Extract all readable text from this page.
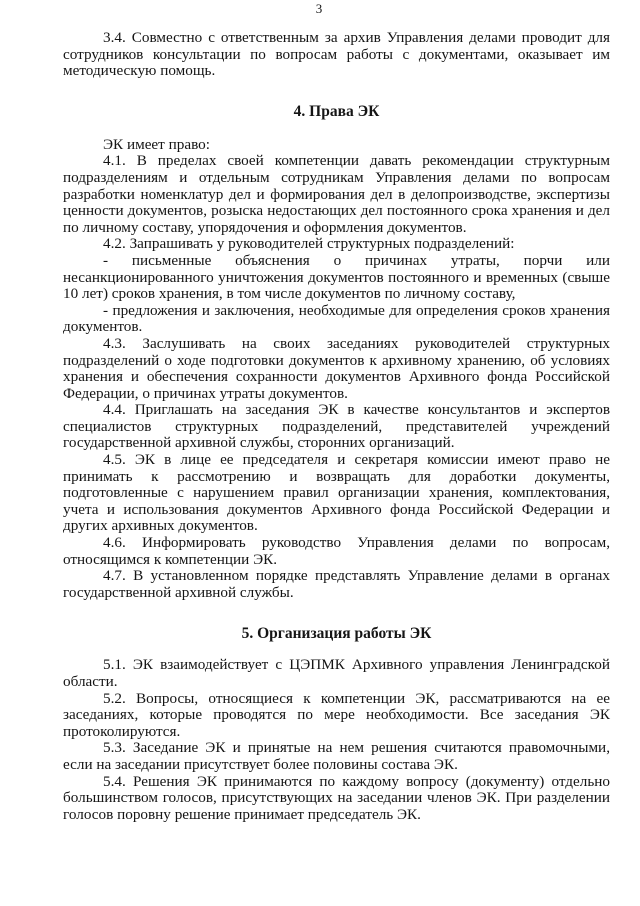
3

3.4. Совместно с ответственным за архив Управления делами проводит для сотрудников консультации по вопросам работы с документами, оказывает им методическую помощь.

4. Права ЭК

ЭК имеет право:

4.1. В пределах своей компетенции давать рекомендации структурным подразделениям и отдельным сотрудникам Управления делами по вопросам разработки номенклатур дел и формирования дел в делопроизводстве, экспертизы ценности документов, розыска недостающих дел постоянного срока хранения и дел по личному составу, упорядочения и оформления документов.

4.2. Запрашивать у руководителей структурных подразделений:

- письменные объяснения о причинах утраты, порчи или несанкционированного уничтожения документов постоянного и временных (свыше 10 лет) сроков хранения, в том числе документов по личному составу,

- предложения и заключения, необходимые для определения сроков хранения документов.

4.3. Заслушивать на своих заседаниях руководителей структурных подразделений о ходе подготовки документов к архивному хранению, об условиях хранения и обеспечения сохранности документов Архивного фонда Российской Федерации, о причинах утраты документов.

4.4. Приглашать на заседания ЭК в качестве консультантов и экспертов специалистов структурных подразделений, представителей учреждений государственной архивной службы, сторонних организаций.

4.5. ЭК в лице ее председателя и секретаря комиссии имеют право не принимать к рассмотрению и возвращать для доработки документы, подготовленные с нарушением правил организации хранения, комплектования, учета и использования документов Архивного фонда Российской Федерации и других архивных документов.

4.6. Информировать руководство Управления делами по вопросам, относящимся к компетенции ЭК.

4.7. В установленном порядке представлять Управление делами в органах государственной архивной службы.

5. Организация работы ЭК

5.1. ЭК взаимодействует с ЦЭПМК Архивного управления Ленинградской области.

5.2. Вопросы, относящиеся к компетенции ЭК, рассматриваются на ее заседаниях, которые проводятся по мере необходимости. Все заседания ЭК протоколируются.

5.3. Заседание ЭК и принятые на нем решения считаются правомочными, если на заседании присутствует более половины состава ЭК.

5.4. Решения ЭК принимаются по каждому вопросу (документу) отдельно большинством голосов, присутствующих на заседании членов ЭК. При разделении голосов поровну решение принимает председатель ЭК.
